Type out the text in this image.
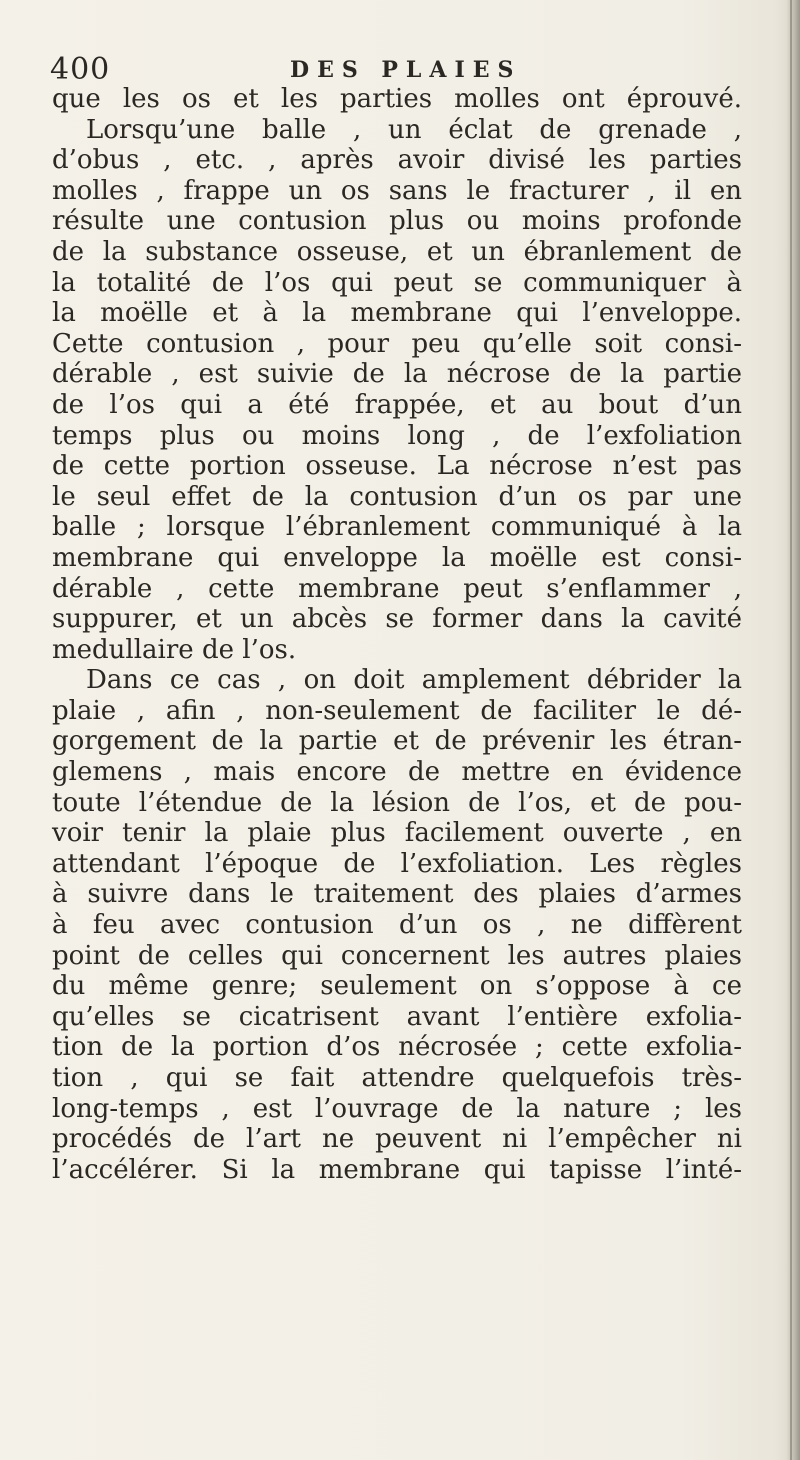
400	DES PLAIES
que les os et les parties molles ont éprouvé.
Lorsqu’une balle , un éclat de grenade ,
d’obus , etc. , après avoir divisé les parties
molles , frappe un os sans le fracturer , il en
résulte une contusion plus ou moins profonde
de la substance osseuse, et un ébranlement de
la totalité de l’os qui peut se communiquer à
la moëlle et à la membrane qui l’enveloppe.
Cette contusion , pour peu qu’elle soit consi-
dérable , est suivie de la nécrose de la partie
de l’os qui a été frappée, et au bout d’un
temps plus ou moins long , de l’exfoliation
de cette portion osseuse. La nécrose n’est pas
le seul effet de la contusion d’un os par une
balle ; lorsque l’ébranlement communiqué à la
membrane qui enveloppe la moëlle est consi-
dérable , cette membrane peut s’enflammer ,
suppurer, et un abcès se former dans la cavité
medullaire de l’os.
Dans ce cas , on doit amplement débrider la
plaie , afin , non-seulement de faciliter le dé-
gorgement de la partie et de prévenir les étran-
glemens , mais encore de mettre en évidence
toute l’étendue de la lésion de l’os, et de pou-
voir tenir la plaie plus facilement ouverte , en
attendant l’époque de l’exfoliation. Les règles
à suivre dans le traitement des plaies d’armes
à feu avec contusion d’un os , ne diffèrent
point de celles qui concernent les autres plaies
du même genre; seulement on s’oppose à ce
qu’elles se cicatrisent avant l’entière exfolia-
tion de la portion d’os nécrosée ; cette exfolia-
tion , qui se fait attendre quelquefois très-
long-temps , est l’ouvrage de la nature ; les
procédés de l’art ne peuvent ni l’empêcher ni
l’accélérer. Si la membrane qui tapisse l’inté-
